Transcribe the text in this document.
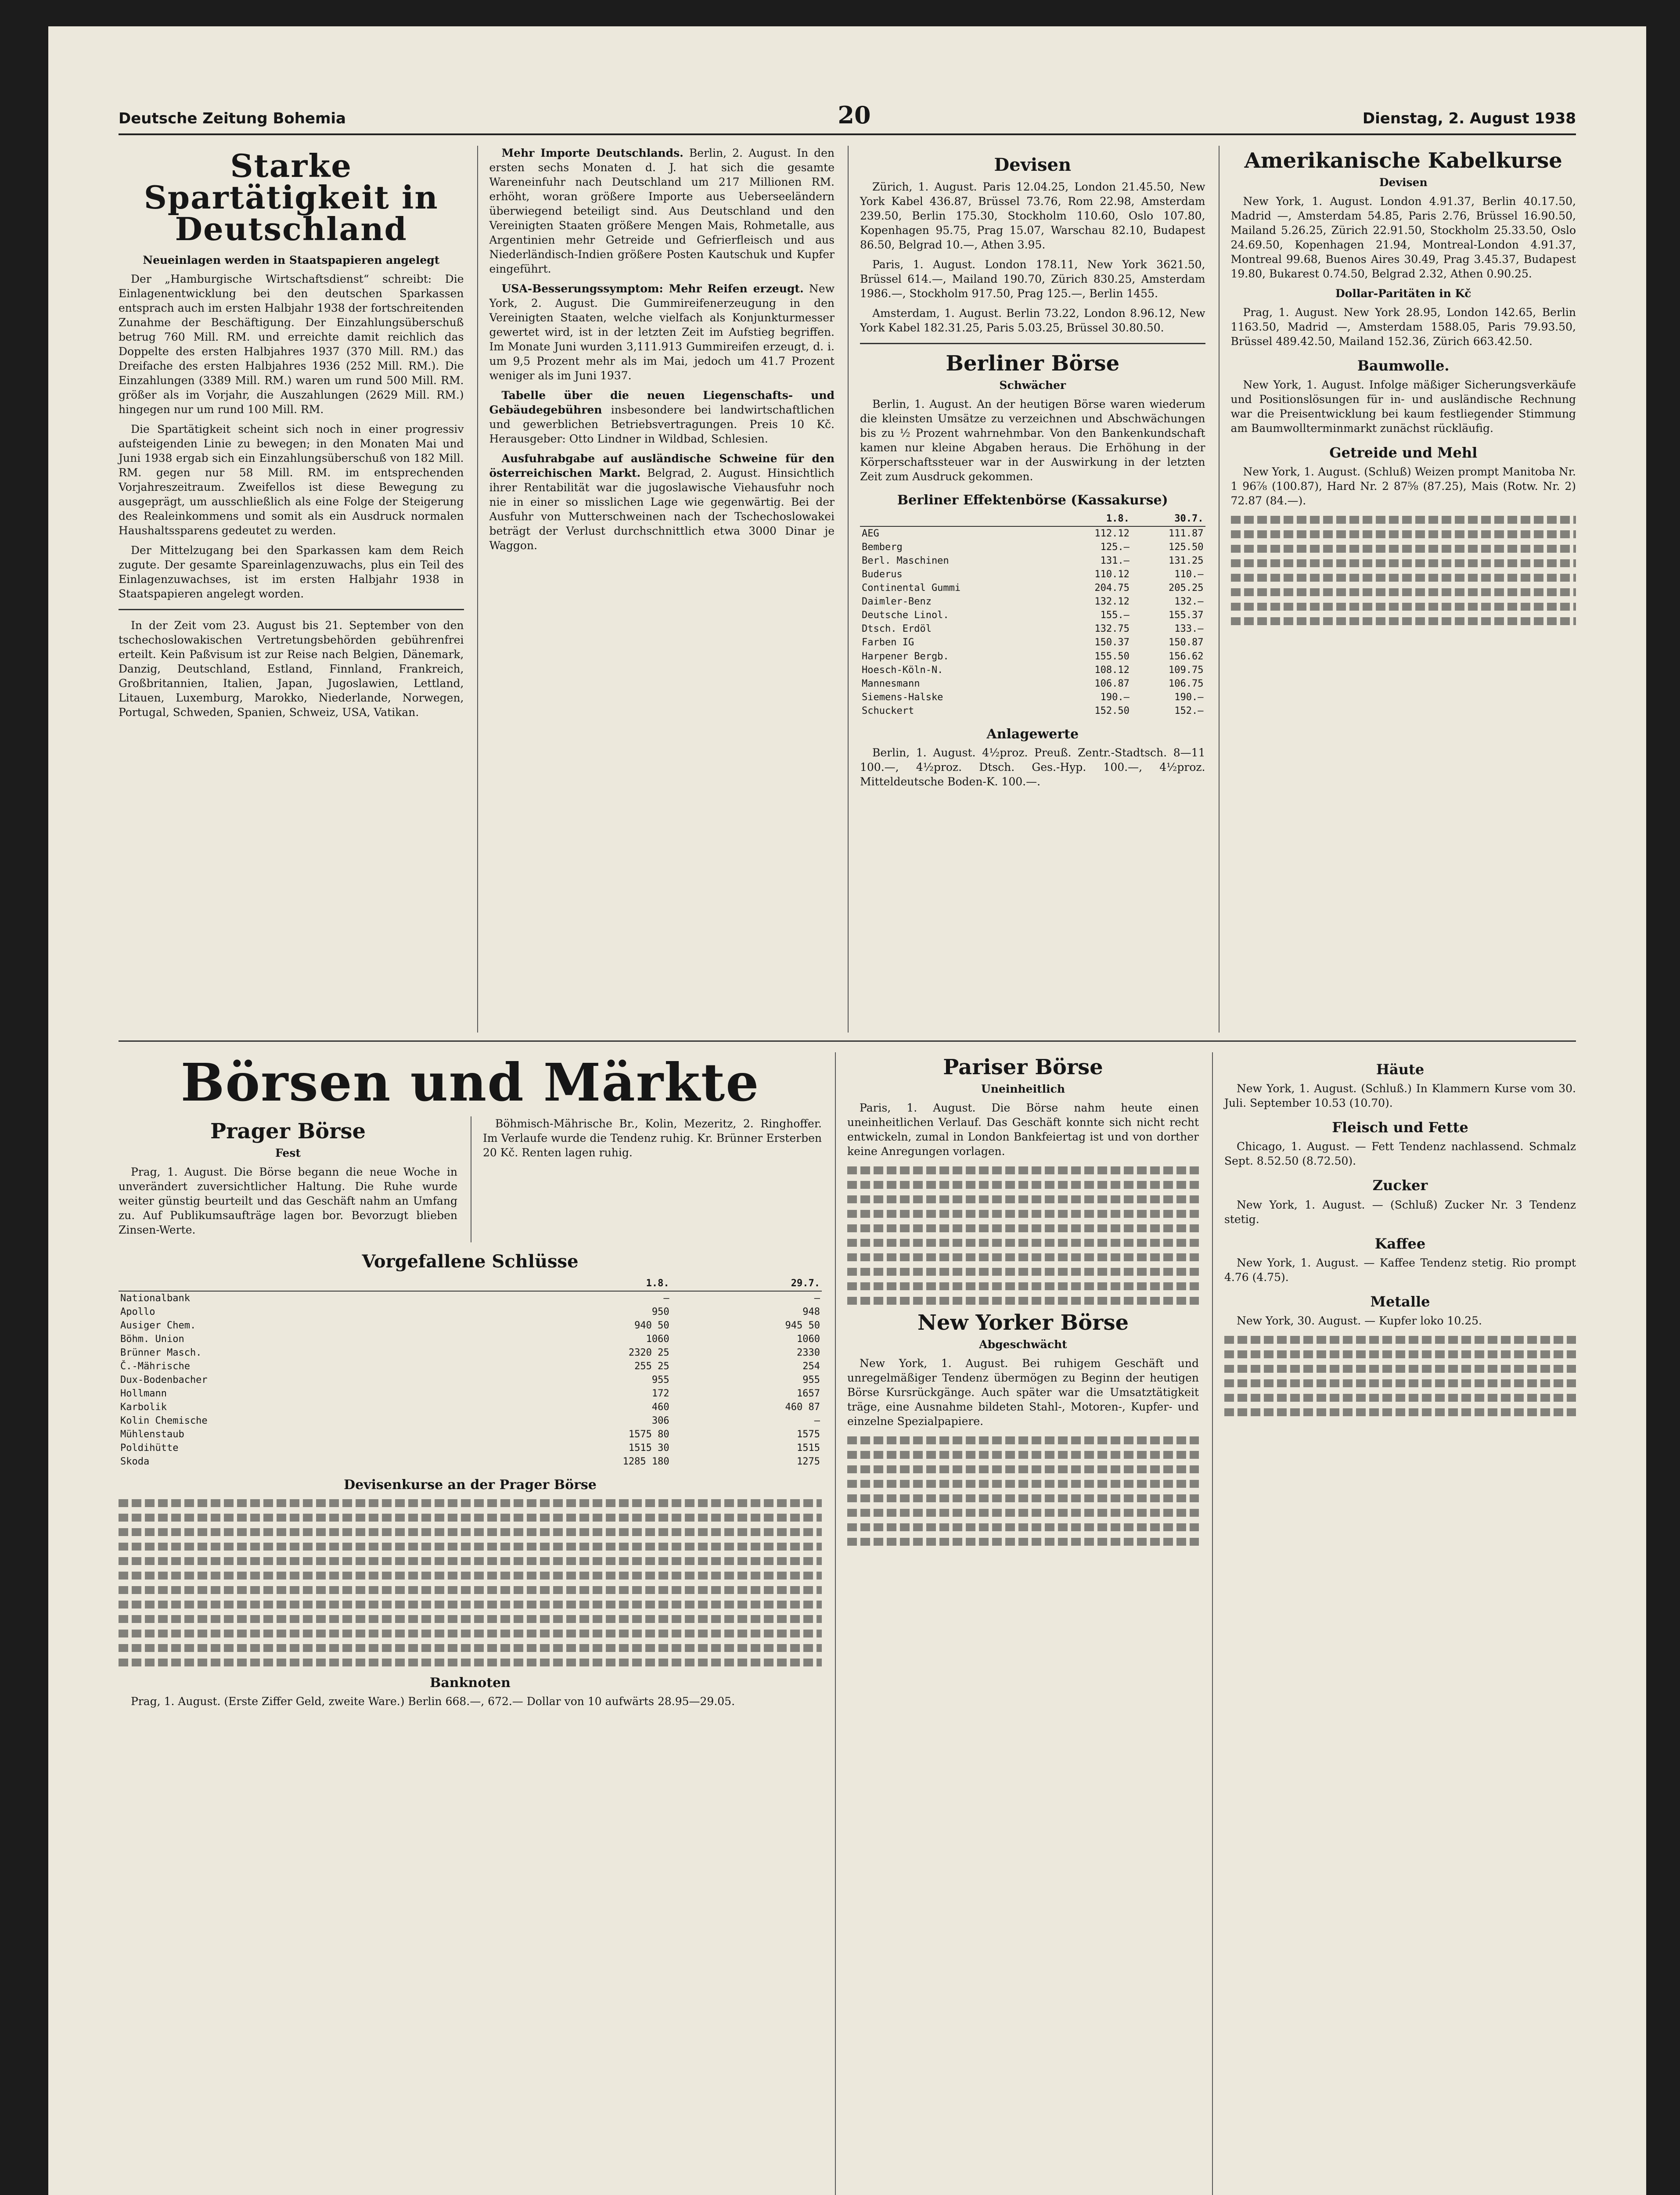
Deutsche Zeitung Bohemia	20	Dienstag, 2. August 1938
Starke Spartätigkeit in Deutschland
Neueinlagen werden in Staatspapieren angelegt

Der „Hamburgische Wirtschaftsdienst“ schreibt: Die Einlagenentwicklung bei den deutschen Sparkassen entsprach auch im ersten Halbjahr 1938 der fortschreitenden Zunahme der Beschäftigung. Der Einzahlungsüberschuß betrug 760 Mill. RM. und erreichte damit reichlich das Doppelte des ersten Halbjahres 1937 (370 Mill. RM.) das Dreifache des ersten Halbjahres 1936 (252 Mill. RM.). Die Einzahlungen (3389 Mill. RM.) waren um rund 500 Mill. RM. größer als im Vorjahr, die Auszahlungen (2629 Mill. RM.) hingegen nur um rund 100 Mill. RM.

Die Spartätigkeit scheint sich noch in einer progressiv aufsteigenden Linie zu bewegen; in den Monaten Mai und Juni 1938 ergab sich ein Einzahlungsüberschuß von 182 Mill. RM. gegen nur 58 Mill. RM. im entsprechenden Vorjahreszeitraum. Zweifellos ist diese Bewegung zu ausgeprägt, um ausschließlich als eine Folge der Steigerung des Realeinkommens und somit als ein Ausdruck normalen Haushaltssparens gedeutet zu werden.

Der Mittelzugang bei den Sparkassen kam dem Reich zugute. Der gesamte Spareinlagenzuwachs, plus ein Teil des Einlagenzuwachses, ist im ersten Halbjahr 1938 in Staatspapieren angelegt worden.

In der Zeit vom 23. August bis 21. September von den tschechoslowakischen Vertretungsbehörden gebührenfrei erteilt. Kein Paßvisum ist zur Reise nach Belgien, Dänemark, Danzig, Deutschland, Estland, Finnland, Frankreich, Großbritannien, Italien, Japan, Jugoslawien, Lettland, Litauen, Luxemburg, Marokko, Niederlande, Norwegen, Portugal, Schweden, Spanien, Schweiz, USA, Vatikan.

Mehr Importe Deutschlands. Berlin, 2. August. In den ersten sechs Monaten d. J. hat sich die gesamte Wareneinfuhr nach Deutschland um 217 Millionen RM. erhöht, woran größere Importe aus Ueberseeländern überwiegend beteiligt sind. Aus Deutschland und den Vereinigten Staaten größere Mengen Mais, Rohmetalle, aus Argentinien mehr Getreide und Gefrierfleisch und aus Niederländisch-Indien größere Posten Kautschuk und Kupfer eingeführt.

USA-Besserungssymptom: Mehr Reifen erzeugt. New York, 2. August. Die Gummireifenerzeugung in den Vereinigten Staaten, welche vielfach als Konjunkturmesser gewertet wird, ist in der letzten Zeit im Aufstieg begriffen. Im Monate Juni wurden 3,111.913 Gummireifen erzeugt, d. i. um 9,5 Prozent mehr als im Mai, jedoch um 41.7 Prozent weniger als im Juni 1937.

Tabelle über die neuen Liegenschafts- und Gebäudegebühren insbesondere bei landwirtschaftlichen und gewerblichen Betriebsvertragungen. Preis 10 Kč. Herausgeber: Otto Lindner in Wildbad, Schlesien.

Ausfuhrabgabe auf ausländische Schweine für den österreichischen Markt. Belgrad, 2. August. Hinsichtlich ihrer Rentabilität war die jugoslawische Viehausfuhr noch nie in einer so misslichen Lage wie gegenwärtig. Bei der Ausfuhr von Mutterschweinen nach der Tschechoslowakei beträgt der Verlust durchschnittlich etwa 3000 Dinar je Waggon.

Devisen

Zürich, 1. August. Paris 12.04.25, London 21.45.50, New York Kabel 436.87, Brüssel 73.76, Rom 22.98, Amsterdam 239.50, Berlin 175.30, Stockholm 110.60, Oslo 107.80, Kopenhagen 95.75, Prag 15.07, Warschau 82.10, Budapest 86.50, Belgrad 10.—, Athen 3.95.

Paris, 1. August. London 178.11, New York 3621.50, Brüssel 614.—, Mailand 190.70, Zürich 830.25, Amsterdam 1986.—, Stockholm 917.50, Prag 125.—, Berlin 1455.

Amsterdam, 1. August. Berlin 73.22, London 8.96.12, New York Kabel 182.31.25, Paris 5.03.25, Brüssel 30.80.50.

Berliner Börse
Schwächer

Berlin, 1. August. An der heutigen Börse waren wiederum die kleinsten Umsätze zu verzeichnen und Abschwächungen bis zu ½ Prozent wahrnehmbar. Von den Bankenkundschaft kamen nur kleine Abgaben heraus. Die Erhöhung in der Körperschaftssteuer war in der Auswirkung in der letzten Zeit zum Ausdruck gekommen.

Berliner Effektenbörse (Kassakurse)
	1.8.	30.7.
AEG	112.12	111.87
Bemberg	125.—	125.50
Berl. Maschinen	131.—	131.25
Buderus	110.12	110.—
Continental Gummi	204.75	205.25
Daimler-Benz	132.12	132.—
Deutsche Linol.	155.—	155.37
Dtsch. Erdöl	132.75	133.—
Farben IG	150.37	150.87
Harpener Bergb.	155.50	156.62
Hoesch-Köln-N.	108.12	109.75
Mannesmann	106.87	106.75
Siemens-Halske	190.—	190.—
Schuckert	152.50	152.—
Anlagewerte

Berlin, 1. August. 4½proz. Preuß. Zentr.-Stadtsch. 8—11 100.—, 4½proz. Dtsch. Ges.-Hyp. 100.—, 4½proz. Mitteldeutsche Boden-K. 100.—.

Amerikanische Kabelkurse
Devisen

New York, 1. August. London 4.91.37, Berlin 40.17.50, Madrid —, Amsterdam 54.85, Paris 2.76, Brüssel 16.90.50, Mailand 5.26.25, Zürich 22.91.50, Stockholm 25.33.50, Oslo 24.69.50, Kopenhagen 21.94, Montreal-London 4.91.37, Montreal 99.68, Buenos Aires 30.49, Prag 3.45.37, Budapest 19.80, Bukarest 0.74.50, Belgrad 2.32, Athen 0.90.25.

Dollar-Paritäten in Kč

Prag, 1. August. New York 28.95, London 142.65, Berlin 1163.50, Madrid —, Amsterdam 1588.05, Paris 79.93.50, Brüssel 489.42.50, Mailand 152.36, Zürich 663.42.50.

Baumwolle.

New York, 1. August. Infolge mäßiger Sicherungsverkäufe und Positionslösungen für in- und ausländische Rechnung war die Preisentwicklung bei kaum festliegender Stimmung am Baumwollterminmarkt zunächst rückläufig.

Getreide und Mehl

New York, 1. August. (Schluß) Weizen prompt Manitoba Nr. 1 96⅞ (100.87), Hard Nr. 2 87⅝ (87.25), Mais (Rotw. Nr. 2) 72.87 (84.—).

Börsen und Märkte
Prager Börse
Fest

Prag, 1. August. Die Börse begann die neue Woche in unverändert zuversichtlicher Haltung. Die Ruhe wurde weiter günstig beurteilt und das Geschäft nahm an Umfang zu. Auf Publikumsaufträge lagen bor. Bevorzugt blieben Zinsen-Werte.

Böhmisch-Mährische Br., Kolin, Mezeritz, 2. Ringhoffer. Im Verlaufe wurde die Tendenz ruhig. Kr. Brünner Ersterben 20 Kč. Renten lagen ruhig.

Vorgefallene Schlüsse
	1.8.	29.7.
Nationalbank	—	—
Apollo	950	948
Ausiger Chem.	940 50	945 50
Böhm. Union	1060	1060
Brünner Masch.	2320 25	2330
Č.-Mährische	255 25	254
Dux-Bodenbacher	955	955
Hollmann	172	1657
Karbolik	460	460 87
Kolin Chemische	306	—
Mühlenstaub	1575 80	1575
Poldihütte	1515 30	1515
Skoda	1285 180	1275
Devisenkurse an der Prager Börse
Banknoten

Prag, 1. August. (Erste Ziffer Geld, zweite Ware.) Berlin 668.—, 672.— Dollar von 10 aufwärts 28.95—29.05.

Pariser Börse
Uneinheitlich

Paris, 1. August. Die Börse nahm heute einen uneinheitlichen Verlauf. Das Geschäft konnte sich nicht recht entwickeln, zumal in London Bankfeiertag ist und von dorther keine Anregungen vorlagen.

New Yorker Börse
Abgeschwächt

New York, 1. August. Bei ruhigem Geschäft und unregelmäßiger Tendenz übermögen zu Beginn der heutigen Börse Kursrückgänge. Auch später war die Umsatztätigkeit träge, eine Ausnahme bildeten Stahl-, Motoren-, Kupfer- und einzelne Spezialpapiere.

Häute

New York, 1. August. (Schluß.) In Klammern Kurse vom 30. Juli. September 10.53 (10.70).

Fleisch und Fette

Chicago, 1. August. — Fett Tendenz nachlassend. Schmalz Sept. 8.52.50 (8.72.50).

Zucker

New York, 1. August. — (Schluß) Zucker Nr. 3 Tendenz stetig.

Kaffee

New York, 1. August. — Kaffee Tendenz stetig. Rio prompt 4.76 (4.75).

Metalle

New York, 30. August. — Kupfer loko 10.25.
